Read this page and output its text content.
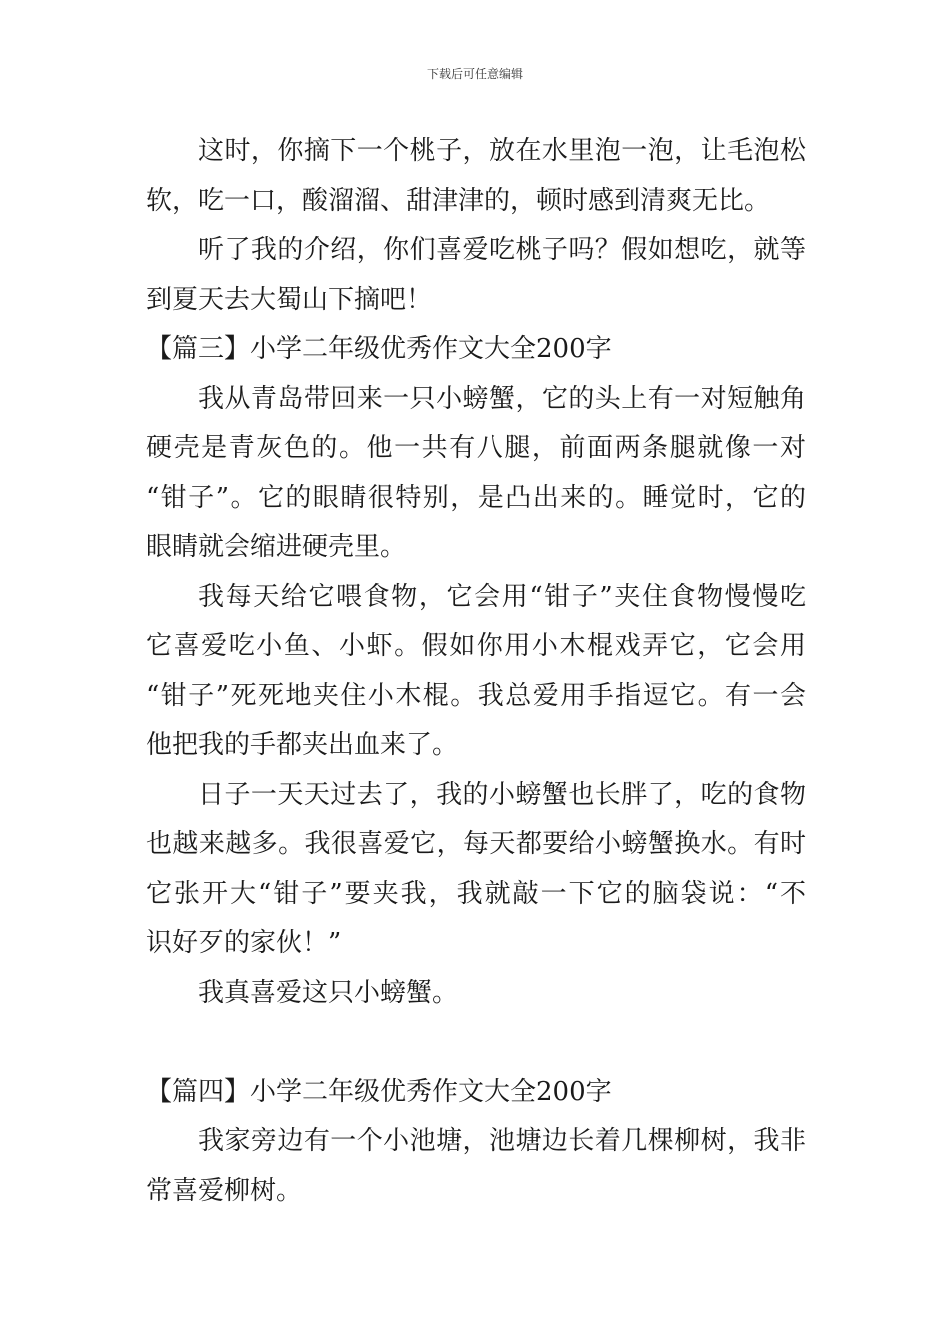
下载后可任意编辑
这时，你摘下一个桃子，放在水里泡一泡，让毛泡松
软，吃一口，酸溜溜、甜津津的，顿时感到清爽无比。
听了我的介绍，你们喜爱吃桃子吗？假如想吃，就等
到夏天去大蜀山下摘吧！
【篇三】小学二年级优秀作文大全200字
我从青岛带回来一只小螃蟹，它的头上有一对短触角
硬壳是青灰色的。他一共有八腿，前面两条腿就像一对
“钳子”。它的眼睛很特别，是凸出来的。睡觉时，它的
眼睛就会缩进硬壳里。
我每天给它喂食物，它会用“钳子”夹住食物慢慢吃
它喜爱吃小鱼、小虾。假如你用小木棍戏弄它，它会用
“钳子”死死地夹住小木棍。我总爱用手指逗它。有一会
他把我的手都夹出血来了。
日子一天天过去了，我的小螃蟹也长胖了，吃的食物
也越来越多。我很喜爱它，每天都要给小螃蟹换水。有时
它张开大“钳子”要夹我，我就敲一下它的脑袋说：“不
识好歹的家伙！”
我真喜爱这只小螃蟹。
【篇四】小学二年级优秀作文大全200字
我家旁边有一个小池塘，池塘边长着几棵柳树，我非
常喜爱柳树。
